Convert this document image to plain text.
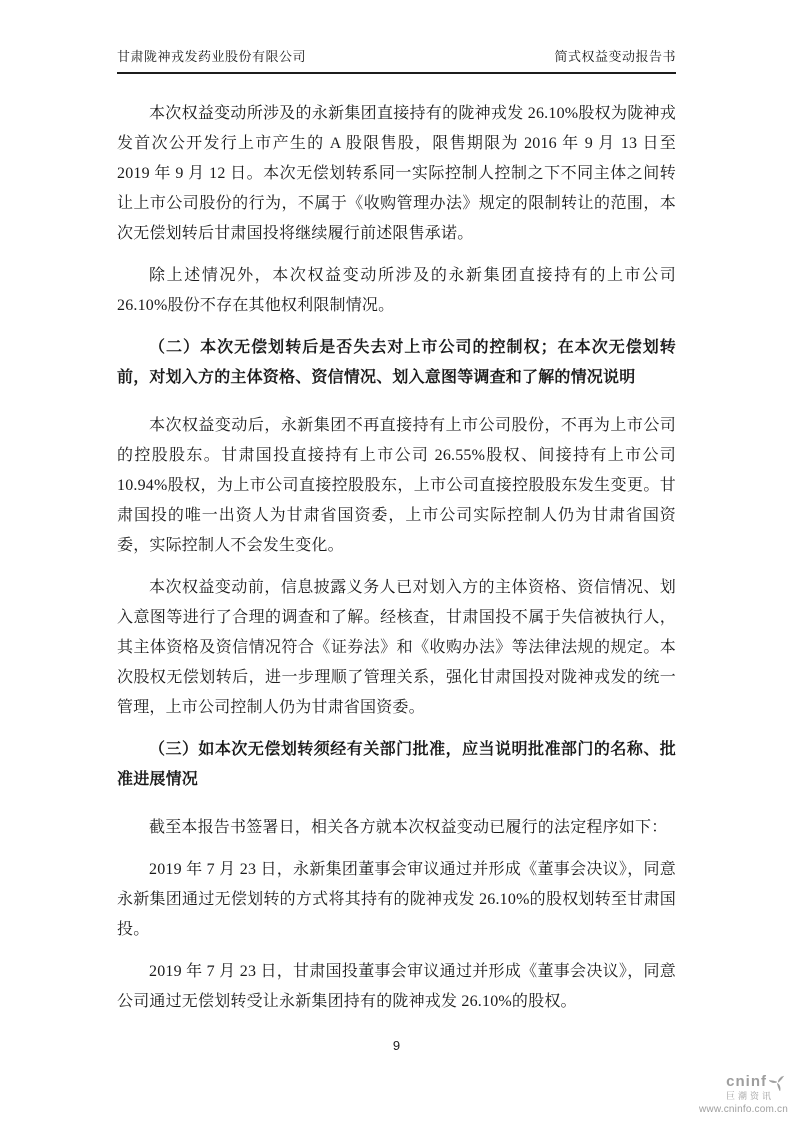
甘肃陇神戎发药业股份有限公司	简式权益变动报告书

本次权益变动所涉及的永新集团直接持有的陇神戎发 26.10%股权为陇神戎发首次公开发行上市产生的 A 股限售股，限售期限为 2016 年 9 月 13 日至 2019 年 9 月 12 日。本次无偿划转系同一实际控制人控制之下不同主体之间转让上市公司股份的行为，不属于《收购管理办法》规定的限制转让的范围，本次无偿划转后甘肃国投将继续履行前述限售承诺。

除上述情况外，本次权益变动所涉及的永新集团直接持有的上市公司 26.10%股份不存在其他权利限制情况。

（二）本次无偿划转后是否失去对上市公司的控制权；在本次无偿划转前，对划入方的主体资格、资信情况、划入意图等调查和了解的情况说明

本次权益变动后，永新集团不再直接持有上市公司股份，不再为上市公司的控股股东。甘肃国投直接持有上市公司 26.55%股权、间接持有上市公司 10.94%股权，为上市公司直接控股股东，上市公司直接控股股东发生变更。甘肃国投的唯一出资人为甘肃省国资委，上市公司实际控制人仍为甘肃省国资委，实际控制人不会发生变化。

本次权益变动前，信息披露义务人已对划入方的主体资格、资信情况、划入意图等进行了合理的调查和了解。经核查，甘肃国投不属于失信被执行人，其主体资格及资信情况符合《证券法》和《收购办法》等法律法规的规定。本次股权无偿划转后，进一步理顺了管理关系，强化甘肃国投对陇神戎发的统一管理，上市公司控制人仍为甘肃省国资委。

（三）如本次无偿划转须经有关部门批准，应当说明批准部门的名称、批准进展情况

截至本报告书签署日，相关各方就本次权益变动已履行的法定程序如下：

2019 年 7 月 23 日，永新集团董事会审议通过并形成《董事会决议》，同意永新集团通过无偿划转的方式将其持有的陇神戎发 26.10%的股权划转至甘肃国投。

2019 年 7 月 23 日，甘肃国投董事会审议通过并形成《董事会决议》，同意公司通过无偿划转受让永新集团持有的陇神戎发 26.10%的股权。

9
cninf
巨潮资讯
www.cninfo.com.cn
